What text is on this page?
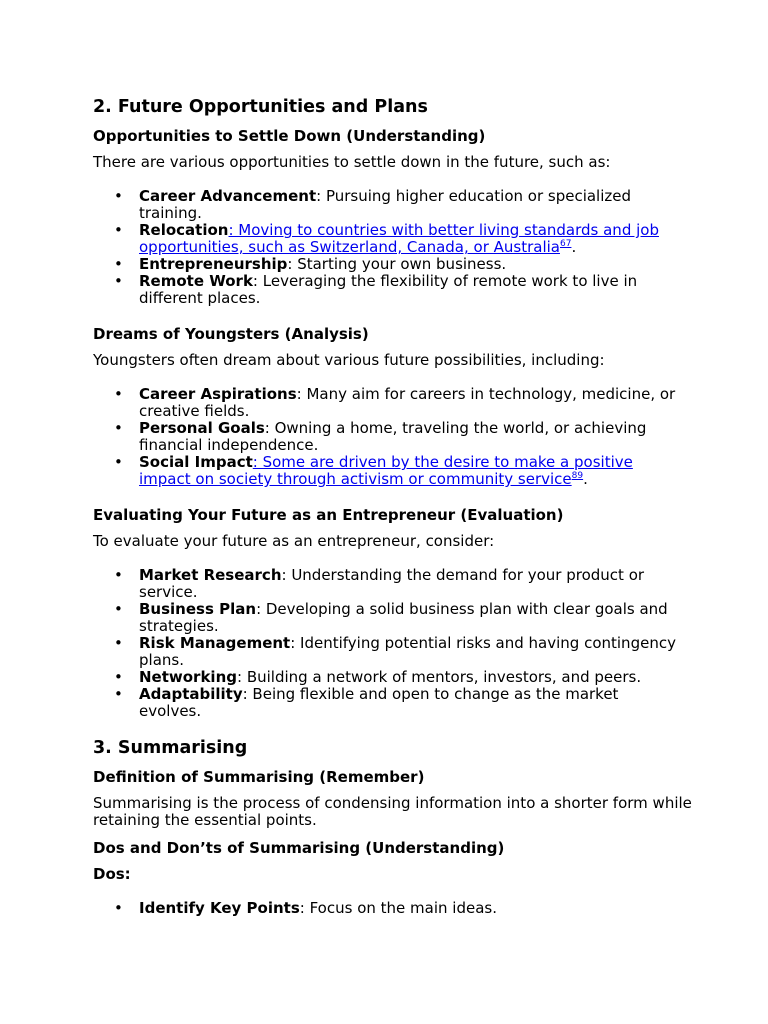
2. Future Opportunities and Plans
Opportunities to Settle Down (Understanding)

There are various opportunities to settle down in the future, such as:

• Career Advancement: Pursuing higher education or specialized training.
• Relocation: Moving to countries with better living standards and job opportunities, such as Switzerland, Canada, or Australia$^{67}$.
• Entrepreneurship: Starting your own business.
• Remote Work: Leveraging the flexibility of remote work to live in different places.
Dreams of Youngsters (Analysis)

Youngsters often dream about various future possibilities, including:

• Career Aspirations: Many aim for careers in technology, medicine, or creative fields.
• Personal Goals: Owning a home, traveling the world, or achieving financial independence.
• Social Impact: Some are driven by the desire to make a positive impact on society through activism or community service$^{89}$.
Evaluating Your Future as an Entrepreneur (Evaluation)

To evaluate your future as an entrepreneur, consider:

• Market Research: Understanding the demand for your product or service.
• Business Plan: Developing a solid business plan with clear goals and strategies.
• Risk Management: Identifying potential risks and having contingency plans.
• Networking: Building a network of mentors, investors, and peers.
• Adaptability: Being flexible and open to change as the market evolves.
3. Summarising
Definition of Summarising (Remember)

Summarising is the process of condensing information into a shorter form while retaining the essential points.

Dos and Don’ts of Summarising (Understanding)

Dos:

• Identify Key Points: Focus on the main ideas.
